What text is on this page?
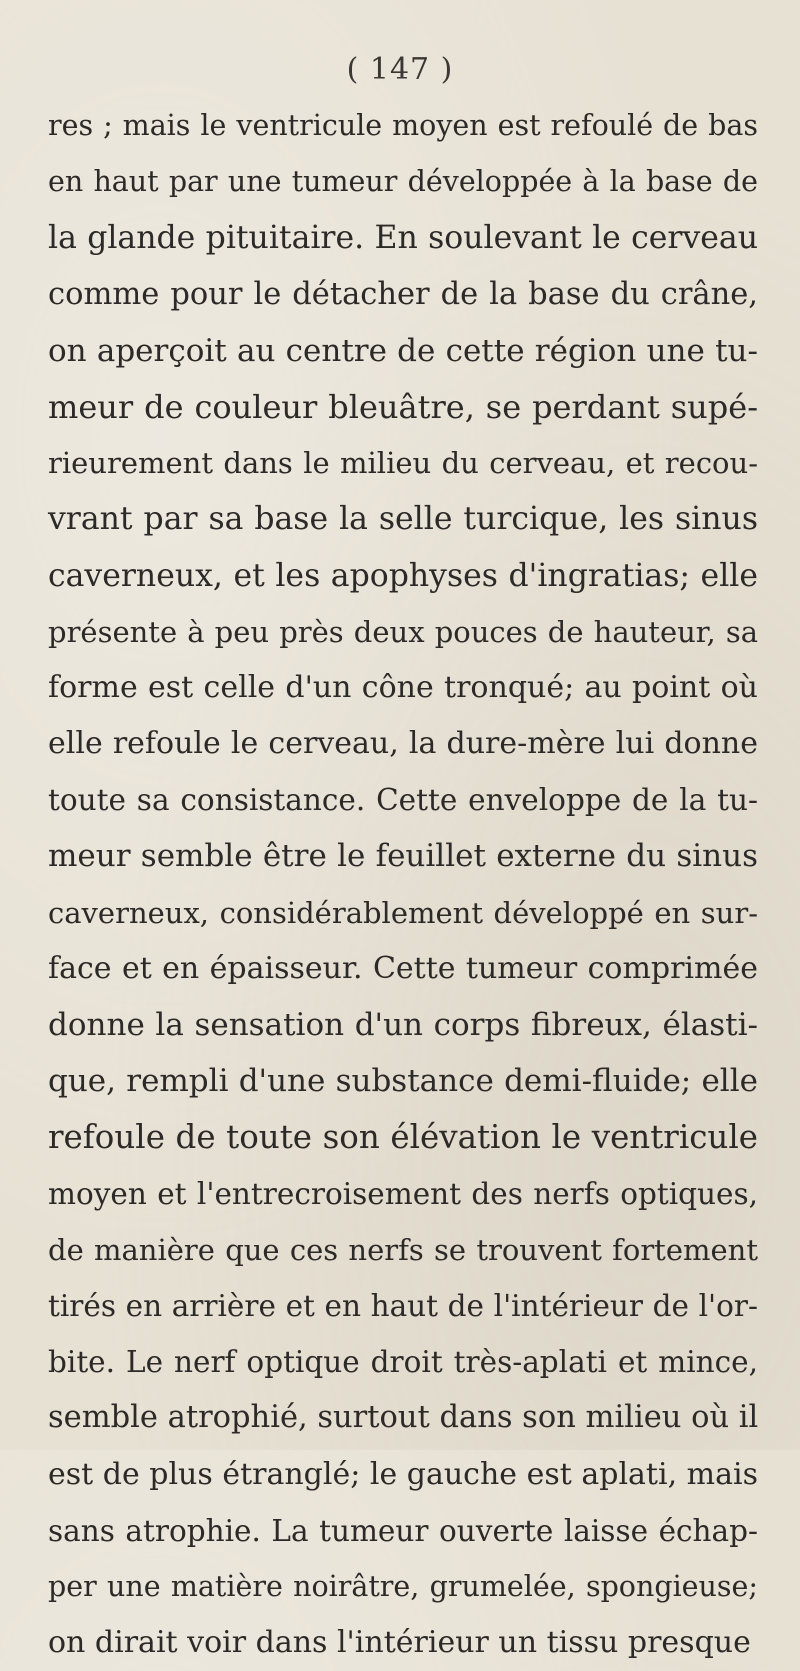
( 147 )
res ; mais le ventricule moyen est refoulé de bas
en haut par une tumeur développée à la base de
la glande pituitaire. En soulevant le cerveau
comme pour le détacher de la base du crâne,
on aperçoit au centre de cette région une tu-
meur de couleur bleuâtre, se perdant supé-
rieurement dans le milieu du cerveau, et recou-
vrant par sa base la selle turcique, les sinus
caverneux, et les apophyses d'ingratias; elle
présente à peu près deux pouces de hauteur, sa
forme est celle d'un cône tronqué; au point où
elle refoule le cerveau, la dure-mère lui donne
toute sa consistance. Cette enveloppe de la tu-
meur semble être le feuillet externe du sinus
caverneux, considérablement développé en sur-
face et en épaisseur. Cette tumeur comprimée
donne la sensation d'un corps fibreux, élasti-
que, rempli d'une substance demi-fluide; elle
refoule de toute son élévation le ventricule
moyen et l'entrecroisement des nerfs optiques,
de manière que ces nerfs se trouvent fortement
tirés en arrière et en haut de l'intérieur de l'or-
bite. Le nerf optique droit très-aplati et mince,
semble atrophié, surtout dans son milieu où il
est de plus étranglé; le gauche est aplati, mais
sans atrophie. La tumeur ouverte laisse échap-
per une matière noirâtre, grumelée, spongieuse;
on dirait voir dans l'intérieur un tissu presque
